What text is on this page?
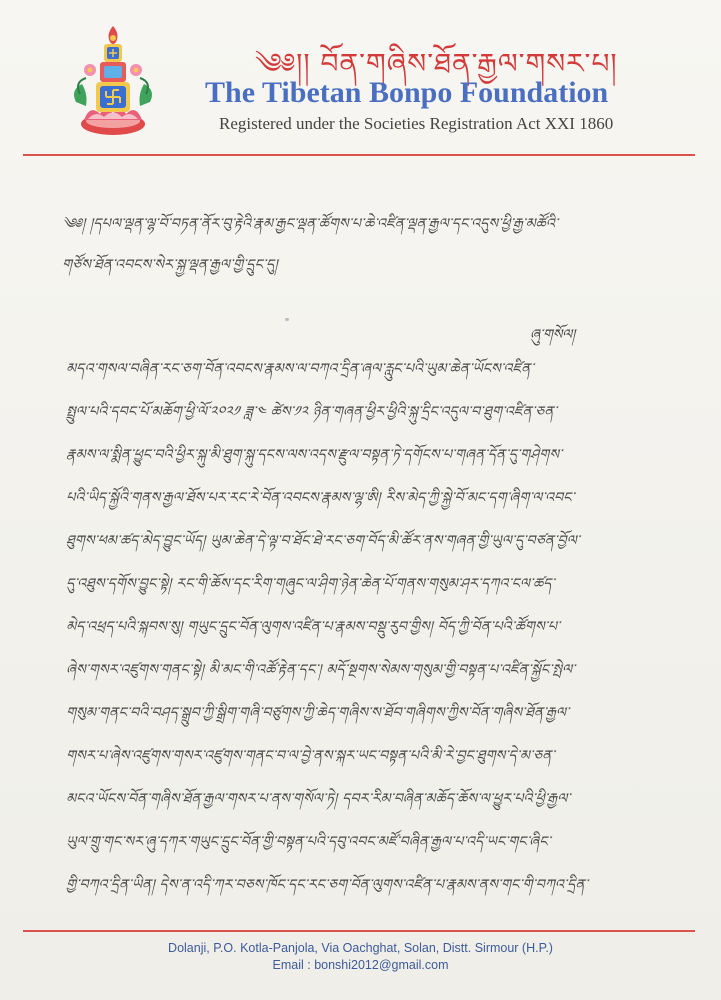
༄༅།། བོན་གཞིས་ཐོན་རྒྱལ་གསར་པ།
The Tibetan Bonpo Foundation
Registered under the Societies Registration Act XXI 1860
༄༅། །དཔལ་ལྡན་ལྷ་བོ་བཏན་ནོར་བུ་རྟེའི་རྣམ་རྒྱང་ལྡན་ཚོགས་པ་ཆེ་འཛིན་ལྡན་རྒྱལ་དང་འདུས་ཕྱི་རྒྱ་མཚོའི་
གཙོས་ཐོན་འབངས་སེར་སྐྱ་ལྡན་རྒྱལ་གྱི་དྲུང་དུ།
ཞུ་གསོལ།
མདའ་གསལ་བཞིན་རང་ཅག་བོན་འབངས་རྣམས་ལ་བཀའ་དྲིན་ཞལ་རླུང་པའི་ཡུམ་ཆེན་ཡོངས་འཛིན་
སྤྲུལ་པའི་དབང་པོ་མཆོག་ཕྱི་ལོ་༢༠༢༡ ཟླ་༤ ཚེས་༡༢ ཉིན་གཞན་ཕྱིར་ཕྱིའི་སྐུ་དྲིང་འདུལ་བ་ཐུག་འཛིན་ཅན་
རྣམས་ལ་སྨིན་ཕྱུང་བའི་ཕྱིར་སྐུ་མི་ཐུག་སྐུ་དངས་ལས་འདས་རྫུལ་བསྟན་ཏེ་དགོངས་པ་གཞན་དོན་དུ་གཤེགས་
པའི་ཡིད་སྐྱོའི་གནས་རྒྱལ་ཐོས་པར་རང་རེ་བོན་འབངས་རྣམས་ལྷ་ཨི། རིས་མེད་ཀྱི་སྐྱེ་བོ་མང་དག་ཞིག་ལ་འབང་
ཐུགས་ཕམ་ཚད་མེད་བྱུང་ཡོད། ཡུམ་ཆེན་དེ་ལྟ་བ་ཐོང་ཐེ་རང་ཅག་བོད་མི་ཚོར་ནས་གཞན་གྱི་ཡུལ་དུ་བཙན་བྱོལ་
དུ་འཐུས་དགོས་བྱུང་སྟེ། རང་གི་ཆོས་དང་རིག་གཞུང་ལ་ཤིག་ཉེན་ཆེན་པོ་གནས་གསུམ་ཤར་དཀའ་ངལ་ཚད་
མེད་འཕྲད་པའི་སྐབས་སུ། གཡུང་དྲུང་བོན་ལུགས་འཛིན་པ་རྣམས་བསྡུ་རུབ་གྱིས། བོད་ཀྱི་བོན་པའི་ཚོགས་པ་
ཞེས་གསར་འཛུགས་གནང་སྟེ། མི་མང་གི་འཚོ་རྟེན་དང་། མདོ་སྔགས་སེམས་གསུམ་གྱི་བསྟན་པ་འཛིན་སྐྱོང་སྤེལ་
གསུམ་གནང་བའི་བཤད་སྒྲུབ་ཀྱི་སྒྲིག་གཞི་བཙུགས་ཀྱི་ཆེད་གཞིས་ས་ཐོབ་གཞིགས་ཀྱིས་བོན་གཞིས་ཐོན་རྒྱལ་
གསར་པ་ཞེས་འཛུགས་གསར་འཛུགས་གནང་བ་ལ་བྱེ་ནས་སྐར་ཡང་བསྟན་པའི་མི་རེ་བྱང་ཐུགས་དེ་མ་ཅན་
མངའ་ཡོངས་བོན་གཞིས་ཐོན་རྒྱལ་གསར་པ་ནས་གསོལ་ཏེ། དབར་རིམ་བཞིན་མཆོད་ཆོས་ལ་ཕྱུར་པའི་ཕྱི་རྒྱལ་
ཡུལ་གྲུ་གང་སར་ཞུ་དཀར་གཡུང་དྲུང་བོན་གྱི་བསྟན་པའི་དབུ་འབང་མཛོ་བཞིན་རྒྱལ་པ་འདི་ཡང་གང་ཞིང་
གྱི་བཀའ་དྲིན་ཡིན། དེས་ན་འདི་ཀར་བཅས་ཁོང་དང་རང་ཅག་བོན་ལུགས་འཛིན་པ་རྣམས་ནས་གང་གི་བཀའ་དྲིན་
Dolanji, P.O. Kotla-Panjola, Via Oachghat, Solan, Distt. Sirmour (H.P.)
Email : bonshi2012@gmail.com
